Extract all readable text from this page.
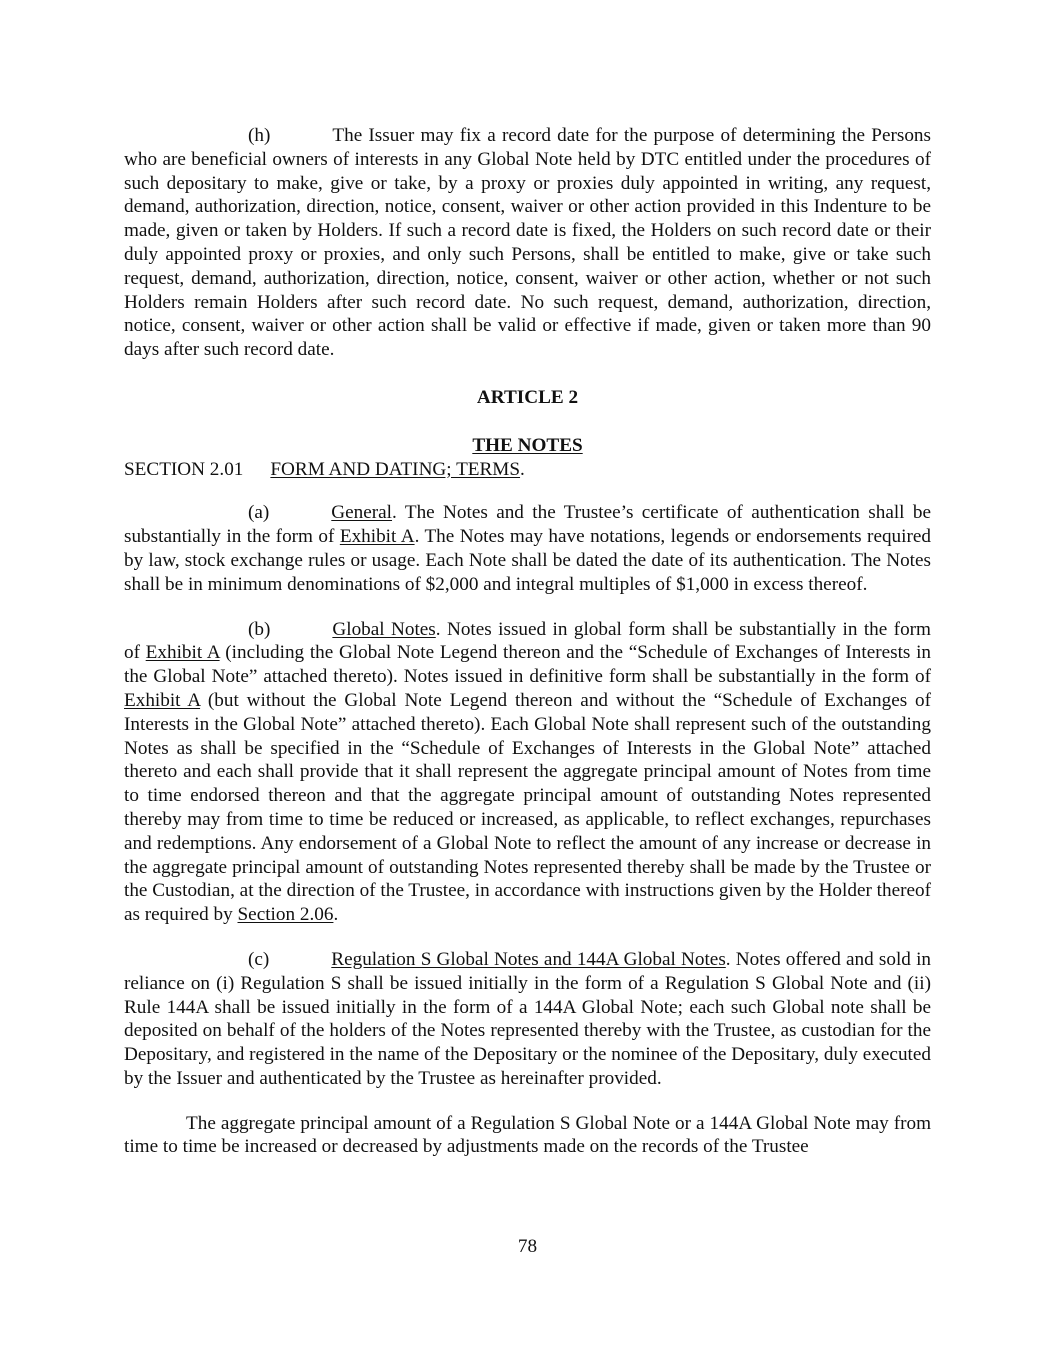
(h)	The Issuer may fix a record date for the purpose of determining the Persons who are beneficial owners of interests in any Global Note held by DTC entitled under the procedures of such depositary to make, give or take, by a proxy or proxies duly appointed in writing, any request, demand, authorization, direction, notice, consent, waiver or other action provided in this Indenture to be made, given or taken by Holders. If such a record date is fixed, the Holders on such record date or their duly appointed proxy or proxies, and only such Persons, shall be entitled to make, give or take such request, demand, authorization, direction, notice, consent, waiver or other action, whether or not such Holders remain Holders after such record date. No such request, demand, authorization, direction, notice, consent, waiver or other action shall be valid or effective if made, given or taken more than 90 days after such record date.

ARTICLE 2

THE NOTES

SECTION 2.01 FORM AND DATING; TERMS.

(a)	General. The Notes and the Trustee’s certificate of authentication shall be substantially in the form of Exhibit A. The Notes may have notations, legends or endorsements required by law, stock exchange rules or usage. Each Note shall be dated the date of its authentication. The Notes shall be in minimum denominations of $2,000 and integral multiples of $1,000 in excess thereof.

(b)	Global Notes. Notes issued in global form shall be substantially in the form of Exhibit A (including the Global Note Legend thereon and the “Schedule of Exchanges of Interests in the Global Note” attached thereto). Notes issued in definitive form shall be substantially in the form of Exhibit A (but without the Global Note Legend thereon and without the “Schedule of Exchanges of Interests in the Global Note” attached thereto). Each Global Note shall represent such of the outstanding Notes as shall be specified in the “Schedule of Exchanges of Interests in the Global Note” attached thereto and each shall provide that it shall represent the aggregate principal amount of Notes from time to time endorsed thereon and that the aggregate principal amount of outstanding Notes represented thereby may from time to time be reduced or increased, as applicable, to reflect exchanges, repurchases and redemptions. Any endorsement of a Global Note to reflect the amount of any increase or decrease in the aggregate principal amount of outstanding Notes represented thereby shall be made by the Trustee or the Custodian, at the direction of the Trustee, in accordance with instructions given by the Holder thereof as required by Section 2.06.

(c)	Regulation S Global Notes and 144A Global Notes. Notes offered and sold in reliance on (i) Regulation S shall be issued initially in the form of a Regulation S Global Note and (ii) Rule 144A shall be issued initially in the form of a 144A Global Note; each such Global note shall be deposited on behalf of the holders of the Notes represented thereby with the Trustee, as custodian for the Depositary, and registered in the name of the Depositary or the nominee of the Depositary, duly executed by the Issuer and authenticated by the Trustee as hereinafter provided.

The aggregate principal amount of a Regulation S Global Note or a 144A Global Note may from time to time be increased or decreased by adjustments made on the records of the Trustee

78
